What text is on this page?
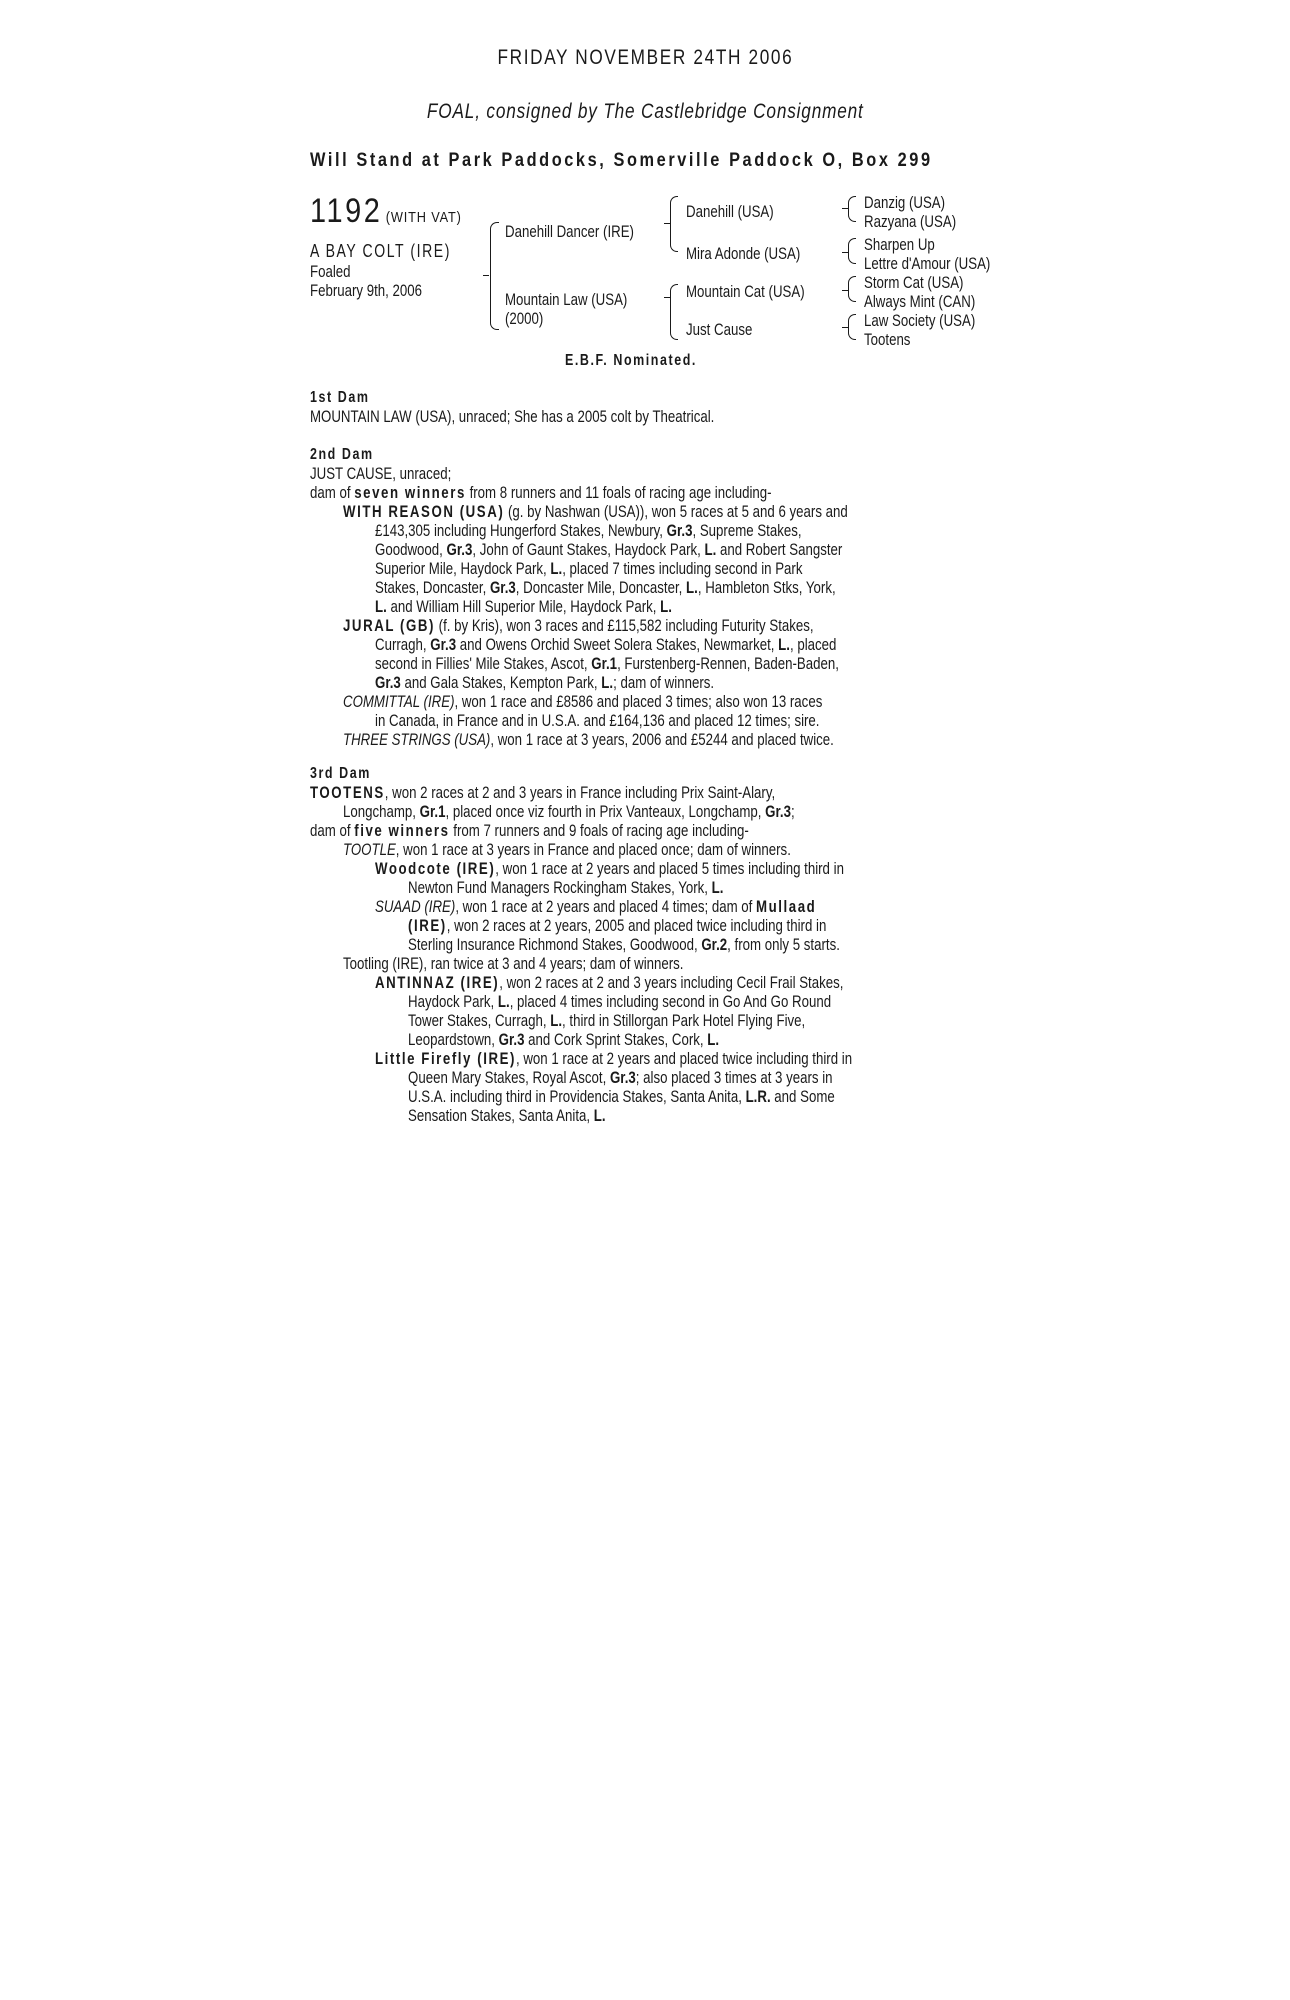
FRIDAY NOVEMBER 24TH 2006
FOAL, consigned by The Castlebridge Consignment
Will Stand at Park Paddocks, Somerville Paddock O, Box 299
1192 (WITH VAT)
A BAY COLT (IRE)
Foaled
February 9th, 2006
Danehill Dancer (IRE)
Mountain Law (USA)
(2000)
Danehill (USA)
Mira Adonde (USA)
Mountain Cat (USA)
Just Cause
Danzig (USA)
Razyana (USA)
Sharpen Up
Lettre d'Amour (USA)
Storm Cat (USA)
Always Mint (CAN)
Law Society (USA)
Tootens
E.B.F. Nominated.
1st Dam
MOUNTAIN LAW (USA), unraced; She has a 2005 colt by Theatrical.
2nd Dam
JUST CAUSE, unraced;
dam of seven winners from 8 runners and 11 foals of racing age including-
WITH REASON (USA) (g. by Nashwan (USA)), won 5 races at 5 and 6 years and
£143,305 including Hungerford Stakes, Newbury, Gr.3, Supreme Stakes,
Goodwood, Gr.3, John of Gaunt Stakes, Haydock Park, L. and Robert Sangster
Superior Mile, Haydock Park, L., placed 7 times including second in Park
Stakes, Doncaster, Gr.3, Doncaster Mile, Doncaster, L., Hambleton Stks, York,
L. and William Hill Superior Mile, Haydock Park, L.
JURAL (GB) (f. by Kris), won 3 races and £115,582 including Futurity Stakes,
Curragh, Gr.3 and Owens Orchid Sweet Solera Stakes, Newmarket, L., placed
second in Fillies' Mile Stakes, Ascot, Gr.1, Furstenberg-Rennen, Baden-Baden,
Gr.3 and Gala Stakes, Kempton Park, L.; dam of winners.
COMMITTAL (IRE), won 1 race and £8586 and placed 3 times; also won 13 races
in Canada, in France and in U.S.A. and £164,136 and placed 12 times; sire.
THREE STRINGS (USA), won 1 race at 3 years, 2006 and £5244 and placed twice.
3rd Dam
TOOTENS, won 2 races at 2 and 3 years in France including Prix Saint-Alary,
Longchamp, Gr.1, placed once viz fourth in Prix Vanteaux, Longchamp, Gr.3;
dam of five winners from 7 runners and 9 foals of racing age including-
TOOTLE, won 1 race at 3 years in France and placed once; dam of winners.
Woodcote (IRE), won 1 race at 2 years and placed 5 times including third in
Newton Fund Managers Rockingham Stakes, York, L.
SUAAD (IRE), won 1 race at 2 years and placed 4 times; dam of Mullaad
(IRE), won 2 races at 2 years, 2005 and placed twice including third in
Sterling Insurance Richmond Stakes, Goodwood, Gr.2, from only 5 starts.
Tootling (IRE), ran twice at 3 and 4 years; dam of winners.
ANTINNAZ (IRE), won 2 races at 2 and 3 years including Cecil Frail Stakes,
Haydock Park, L., placed 4 times including second in Go And Go Round
Tower Stakes, Curragh, L., third in Stillorgan Park Hotel Flying Five,
Leopardstown, Gr.3 and Cork Sprint Stakes, Cork, L.
Little Firefly (IRE), won 1 race at 2 years and placed twice including third in
Queen Mary Stakes, Royal Ascot, Gr.3; also placed 3 times at 3 years in
U.S.A. including third in Providencia Stakes, Santa Anita, L.R. and Some
Sensation Stakes, Santa Anita, L.
